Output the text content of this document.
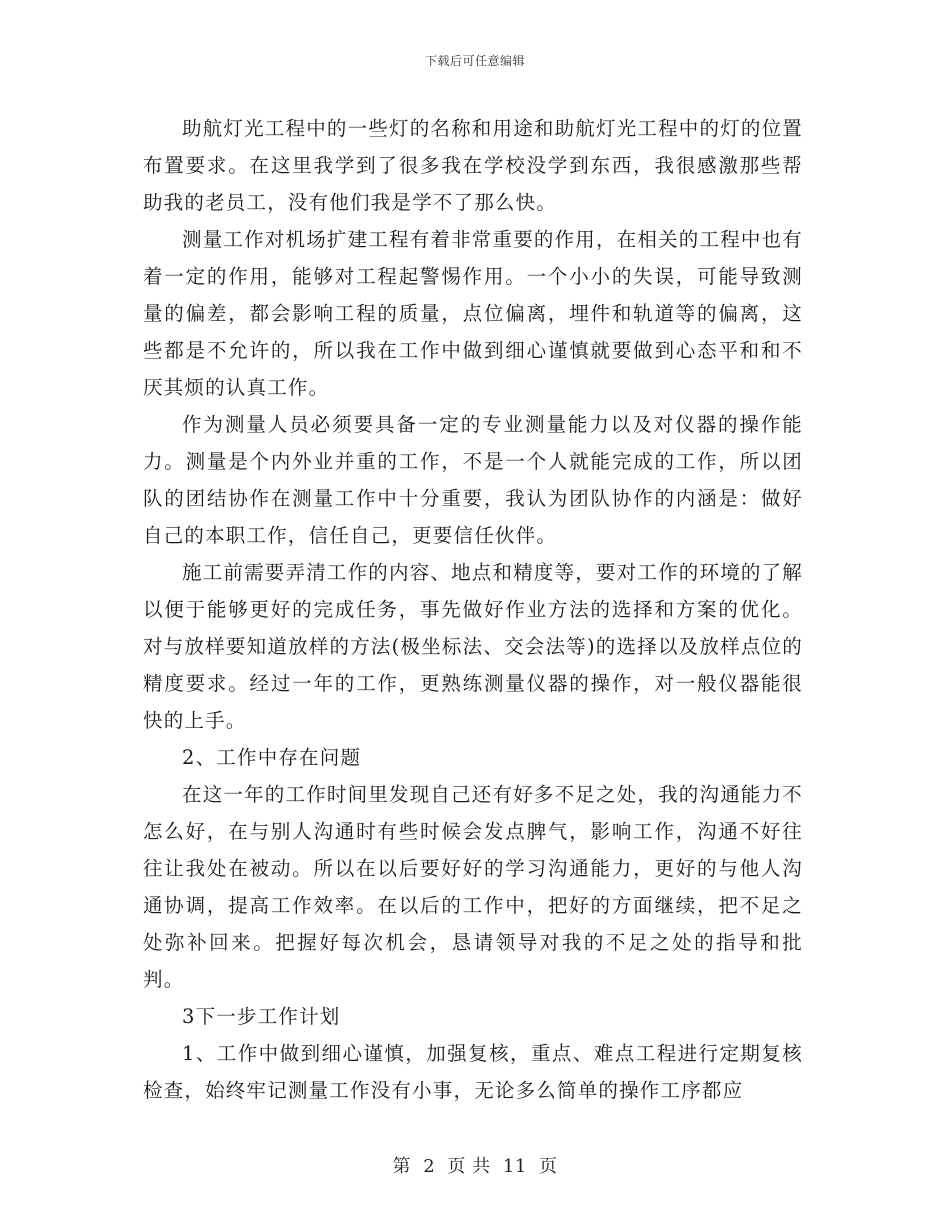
下载后可任意编辑

助航灯光工程中的一些灯的名称和用途和助航灯光工程中的灯的位置布置要求。在这里我学到了很多我在学校没学到东西，我很感激那些帮助我的老员工，没有他们我是学不了那么快。

测量工作对机场扩建工程有着非常重要的作用，在相关的工程中也有着一定的作用，能够对工程起警惕作用。一个小小的失误，可能导致测量的偏差，都会影响工程的质量，点位偏离，埋件和轨道等的偏离，这些都是不允许的，所以我在工作中做到细心谨慎就要做到心态平和和不厌其烦的认真工作。

作为测量人员必须要具备一定的专业测量能力以及对仪器的操作能力。测量是个内外业并重的工作，不是一个人就能完成的工作，所以团队的团结协作在测量工作中十分重要，我认为团队协作的内涵是：做好自己的本职工作，信任自己，更要信任伙伴。

施工前需要弄清工作的内容、地点和精度等，要对工作的环境的了解以便于能够更好的完成任务，事先做好作业方法的选择和方案的优化。对与放样要知道放样的方法(极坐标法、交会法等)的选择以及放样点位的精度要求。经过一年的工作，更熟练测量仪器的操作，对一般仪器能很快的上手。

2、工作中存在问题

在这一年的工作时间里发现自己还有好多不足之处，我的沟通能力不怎么好，在与别人沟通时有些时候会发点脾气，影响工作，沟通不好往往让我处在被动。所以在以后要好好的学习沟通能力，更好的与他人沟通协调，提高工作效率。在以后的工作中，把好的方面继续，把不足之处弥补回来。把握好每次机会，恳请领导对我的不足之处的指导和批判。

3下一步工作计划

1、工作中做到细心谨慎，加强复核，重点、难点工程进行定期复核检查，始终牢记测量工作没有小事，无论多么简单的操作工序都应

第 2 页 共 11 页
